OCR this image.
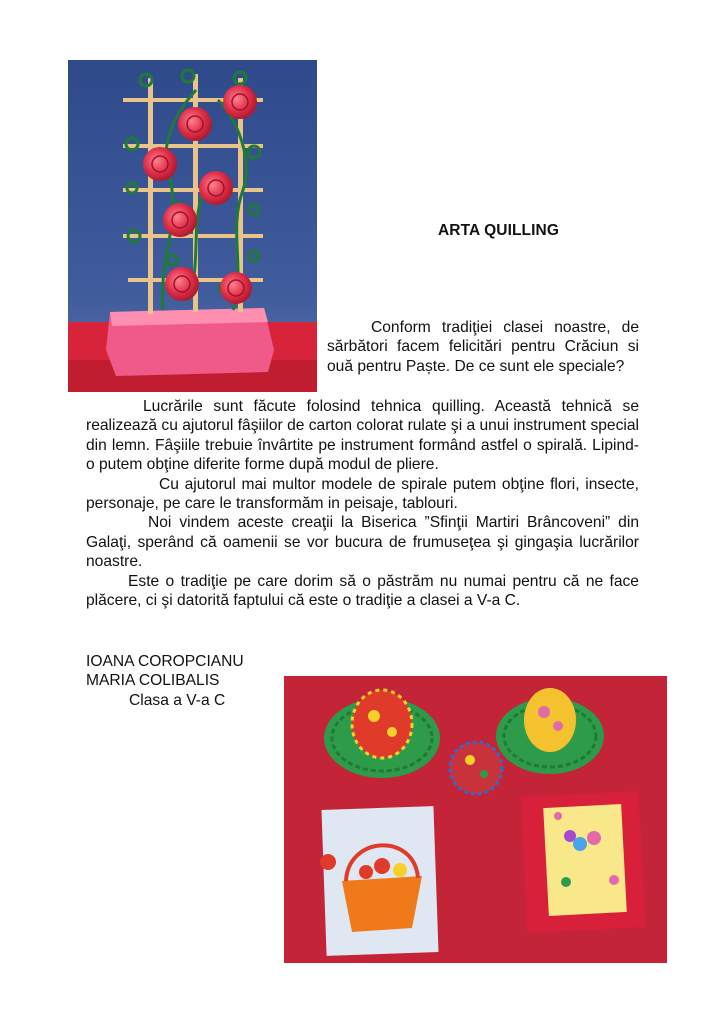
ARTA QUILLING
Conform tradiţiei clasei noastre, de sărbători facem felicitări pentru Crăciun si ouă pentru Paște. De ce sunt ele speciale?

Lucrările sunt făcute folosind tehnica quilling. Această tehnică se realizează cu ajutorul fâşiilor de carton colorat rulate şi a unui instrument special din lemn. Fâşiile trebuie învârtite pe instrument formând astfel o spirală. Lipind-o putem obţine diferite forme după modul de pliere.

Cu ajutorul mai multor modele de spirale putem obţine flori, insecte, personaje, pe care le transformăm in peisaje, tablouri.

Noi vindem aceste creaţii la Biserica ”Sfinţii Martiri Brâncoveni” din Galaţi, sperând că oamenii se vor bucura de frumuseţea şi gingaşia lucrărilor noastre.

Este o tradiţie pe care dorim să o păstrăm nu numai pentru că ne face plăcere, ci şi datorită faptului că este o tradiţie a clasei a V-a C.

IOANA COROPCIANU
MARIA COLIBALIS
Clasa a V-a C
